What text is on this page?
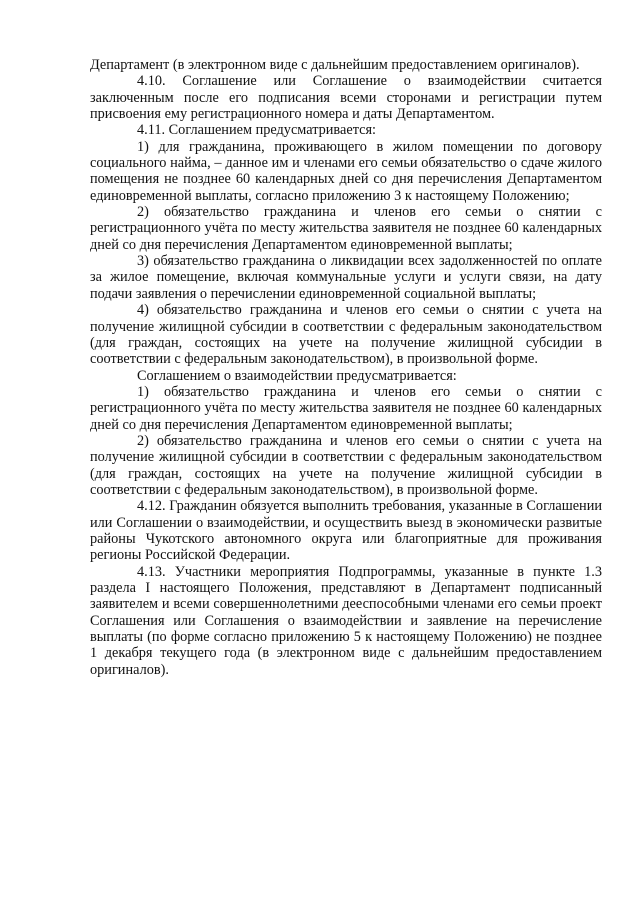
Департамент (в электронном виде с дальнейшим предоставлением оригиналов).

4.10. Соглашение или Соглашение о взаимодействии считается заключенным после его подписания всеми сторонами и регистрации путем присвоения ему регистрационного номера и даты Департаментом.

4.11. Соглашением предусматривается:

1) для гражданина, проживающего в жилом помещении по договору социального найма, – данное им и членами его семьи обязательство о сдаче жилого помещения не позднее 60 календарных дней со дня перечисления Департаментом единовременной выплаты, согласно приложению 3 к настоящему Положению;

2) обязательство гражданина и членов его семьи о снятии с регистрационного учёта по месту жительства заявителя не позднее 60 календарных дней со дня перечисления Департаментом единовременной выплаты;

3) обязательство гражданина о ликвидации всех задолженностей по оплате за жилое помещение, включая коммунальные услуги и услуги связи, на дату подачи заявления о перечислении единовременной социальной выплаты;

4) обязательство гражданина и членов его семьи о снятии с учета на получение жилищной субсидии в соответствии с федеральным законодательством (для граждан, состоящих на учете на получение жилищной субсидии в соответствии с федеральным законодательством), в произвольной форме.

Соглашением о взаимодействии предусматривается:

1) обязательство гражданина и членов его семьи о снятии с регистрационного учёта по месту жительства заявителя не позднее 60 календарных дней со дня перечисления Департаментом единовременной выплаты;

2) обязательство гражданина и членов его семьи о снятии с учета на получение жилищной субсидии в соответствии с федеральным законодательством (для граждан, состоящих на учете на получение жилищной субсидии в соответствии с федеральным законодательством), в произвольной форме.

4.12. Гражданин обязуется выполнить требования, указанные в Соглашении или Соглашении о взаимодействии, и осуществить выезд в экономически развитые районы Чукотского автономного округа или благоприятные для проживания регионы Российской Федерации.

4.13. Участники мероприятия Подпрограммы, указанные в пункте 1.3 раздела I настоящего Положения, представляют в Департамент подписанный заявителем и всеми совершеннолетними дееспособными членами его семьи проект Соглашения или Соглашения о взаимодействии и заявление на перечисление выплаты (по форме согласно приложению 5 к настоящему Положению) не позднее 1 декабря текущего года (в электронном виде с дальнейшим предоставлением оригиналов).
